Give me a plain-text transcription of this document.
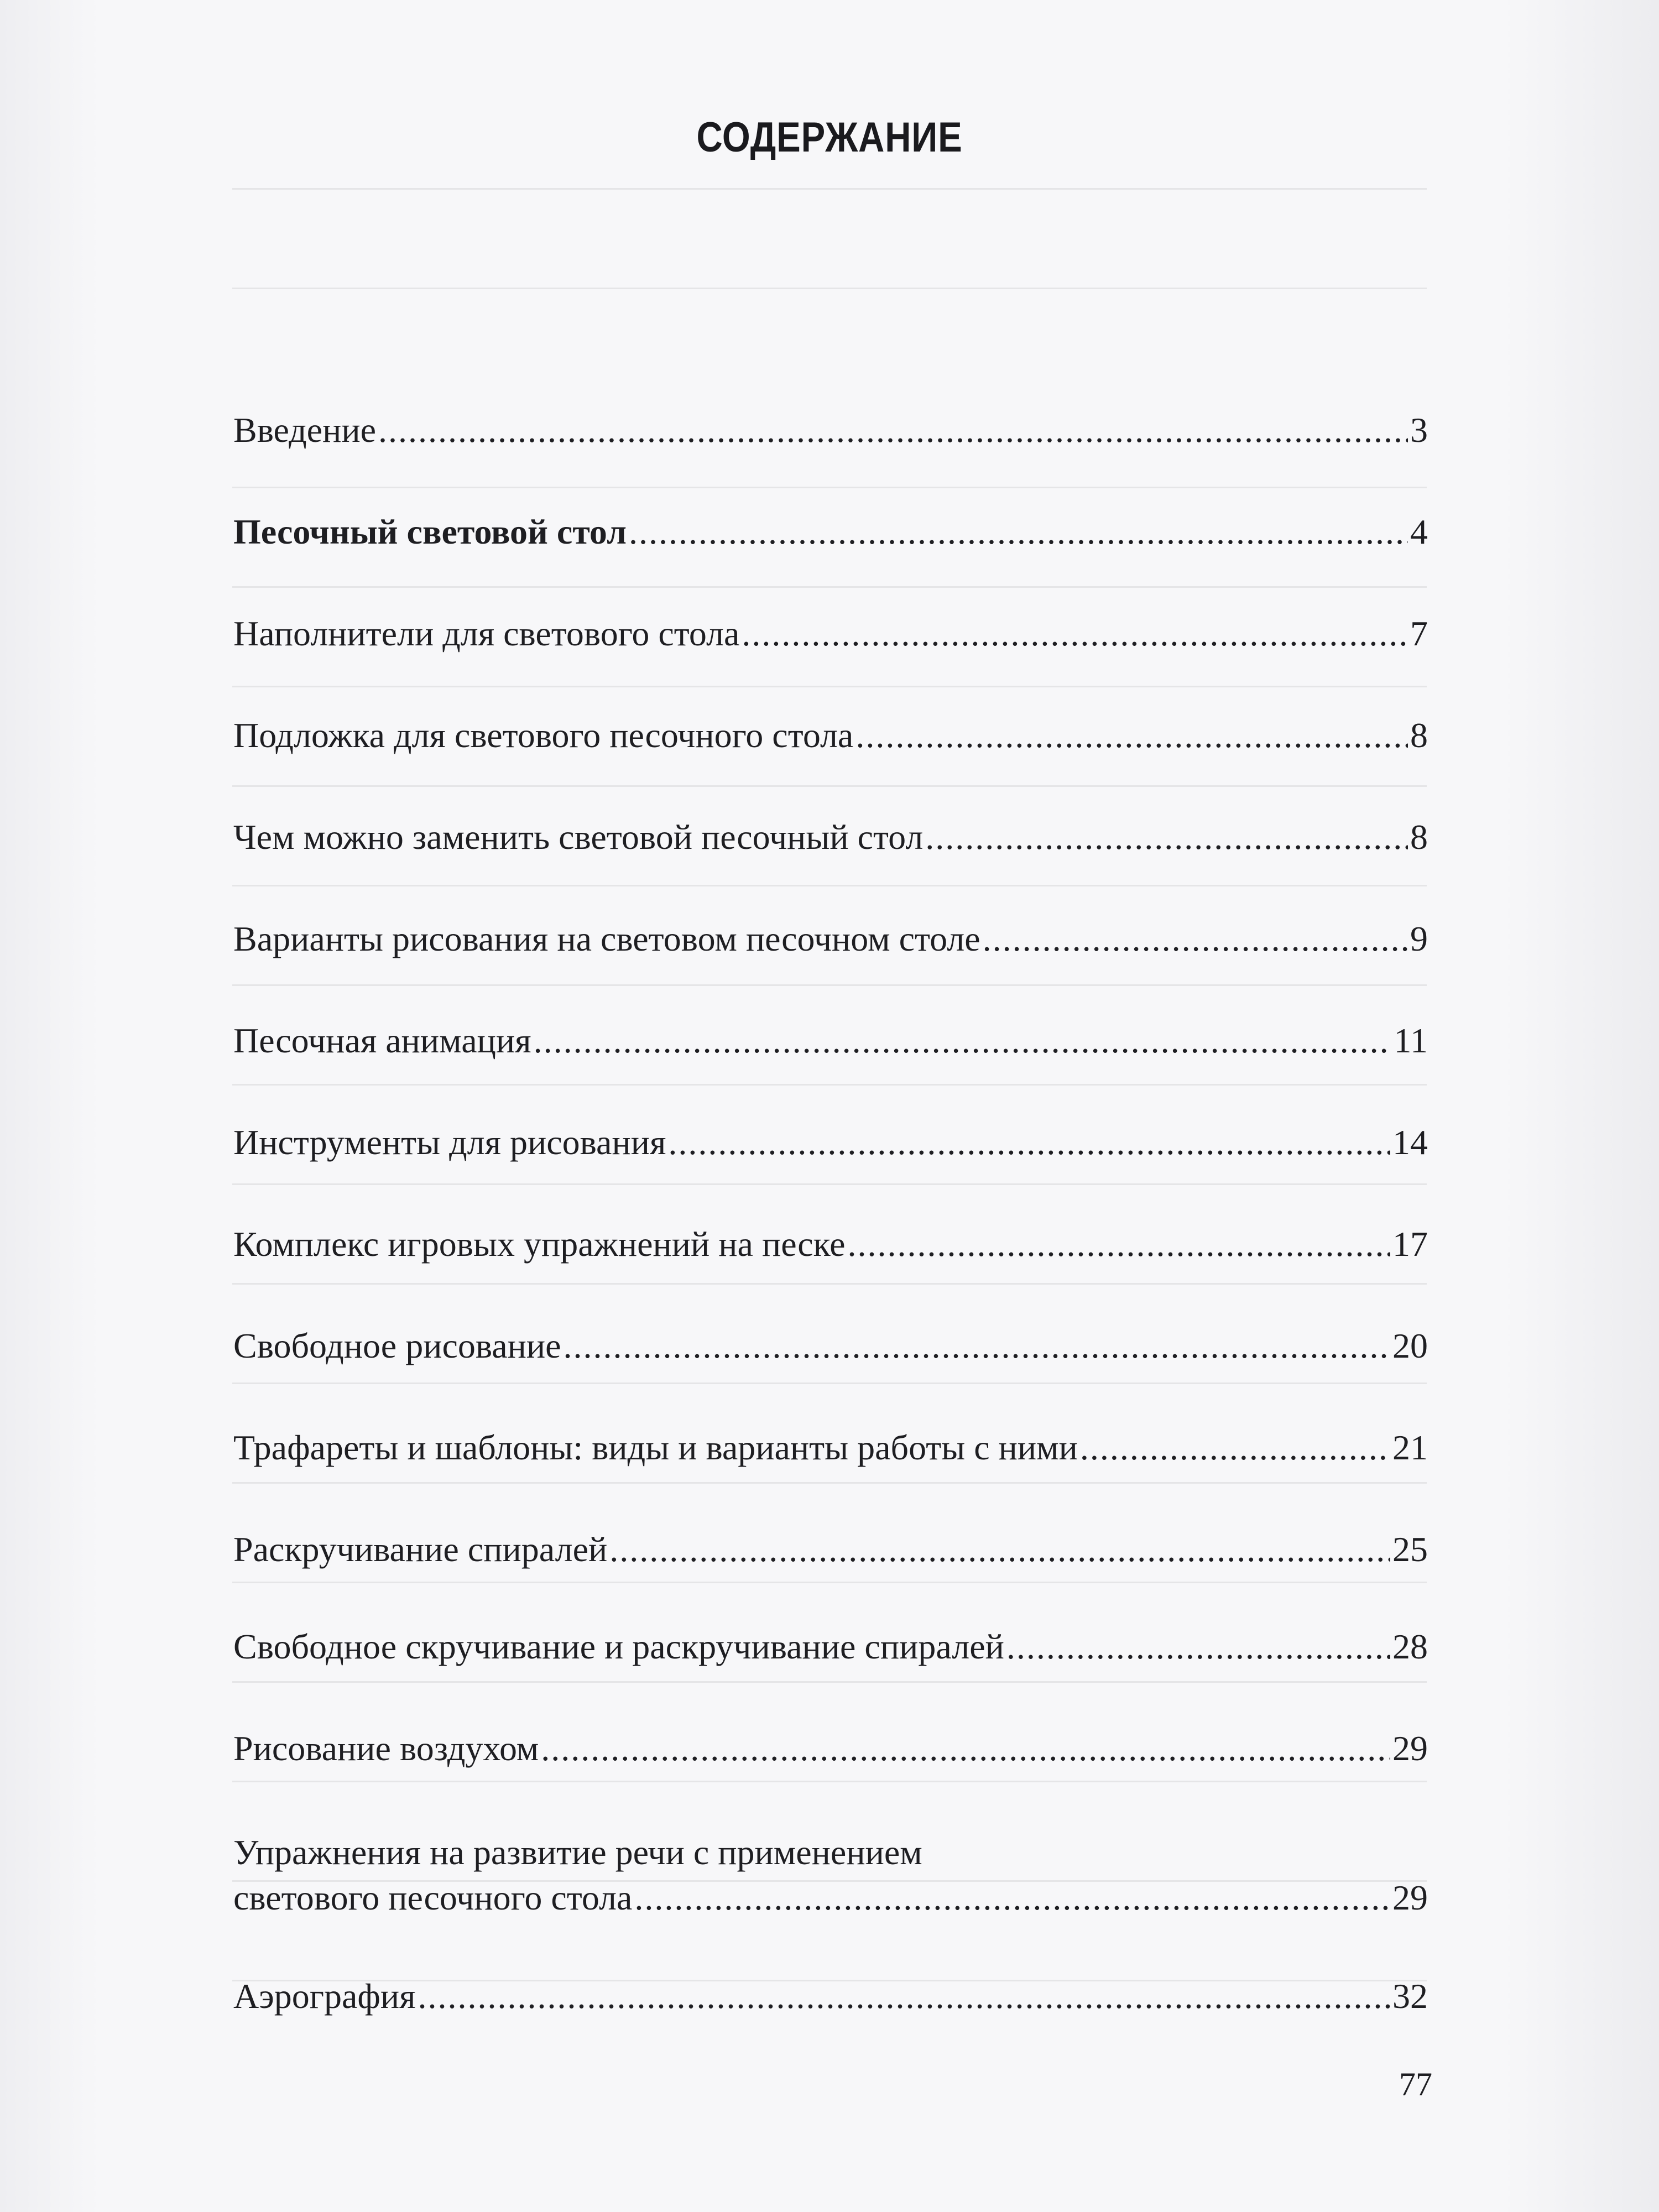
СОДЕРЖАНИЕ
Введение .....	3
Песочный световой стол .....	4
Наполнители для светового стола .....	7
Подложка для светового песочного стола .....	8
Чем можно заменить световой песочный стол .....	8
Варианты рисования на световом песочном столе .....	9
Песочная анимация .....	11
Инструменты для рисования .....	14
Комплекс игровых упражнений на песке .....	17
Свободное рисование .....	20
Трафареты и шаблоны: виды и варианты работы с ними .....	21
Раскручивание спиралей .....	25
Свободное скручивание и раскручивание спиралей .....	28
Рисование воздухом .....	29
Упражнения на развитие речи с применением
светового песочного стола .....	29
Аэрография .....	32
77
